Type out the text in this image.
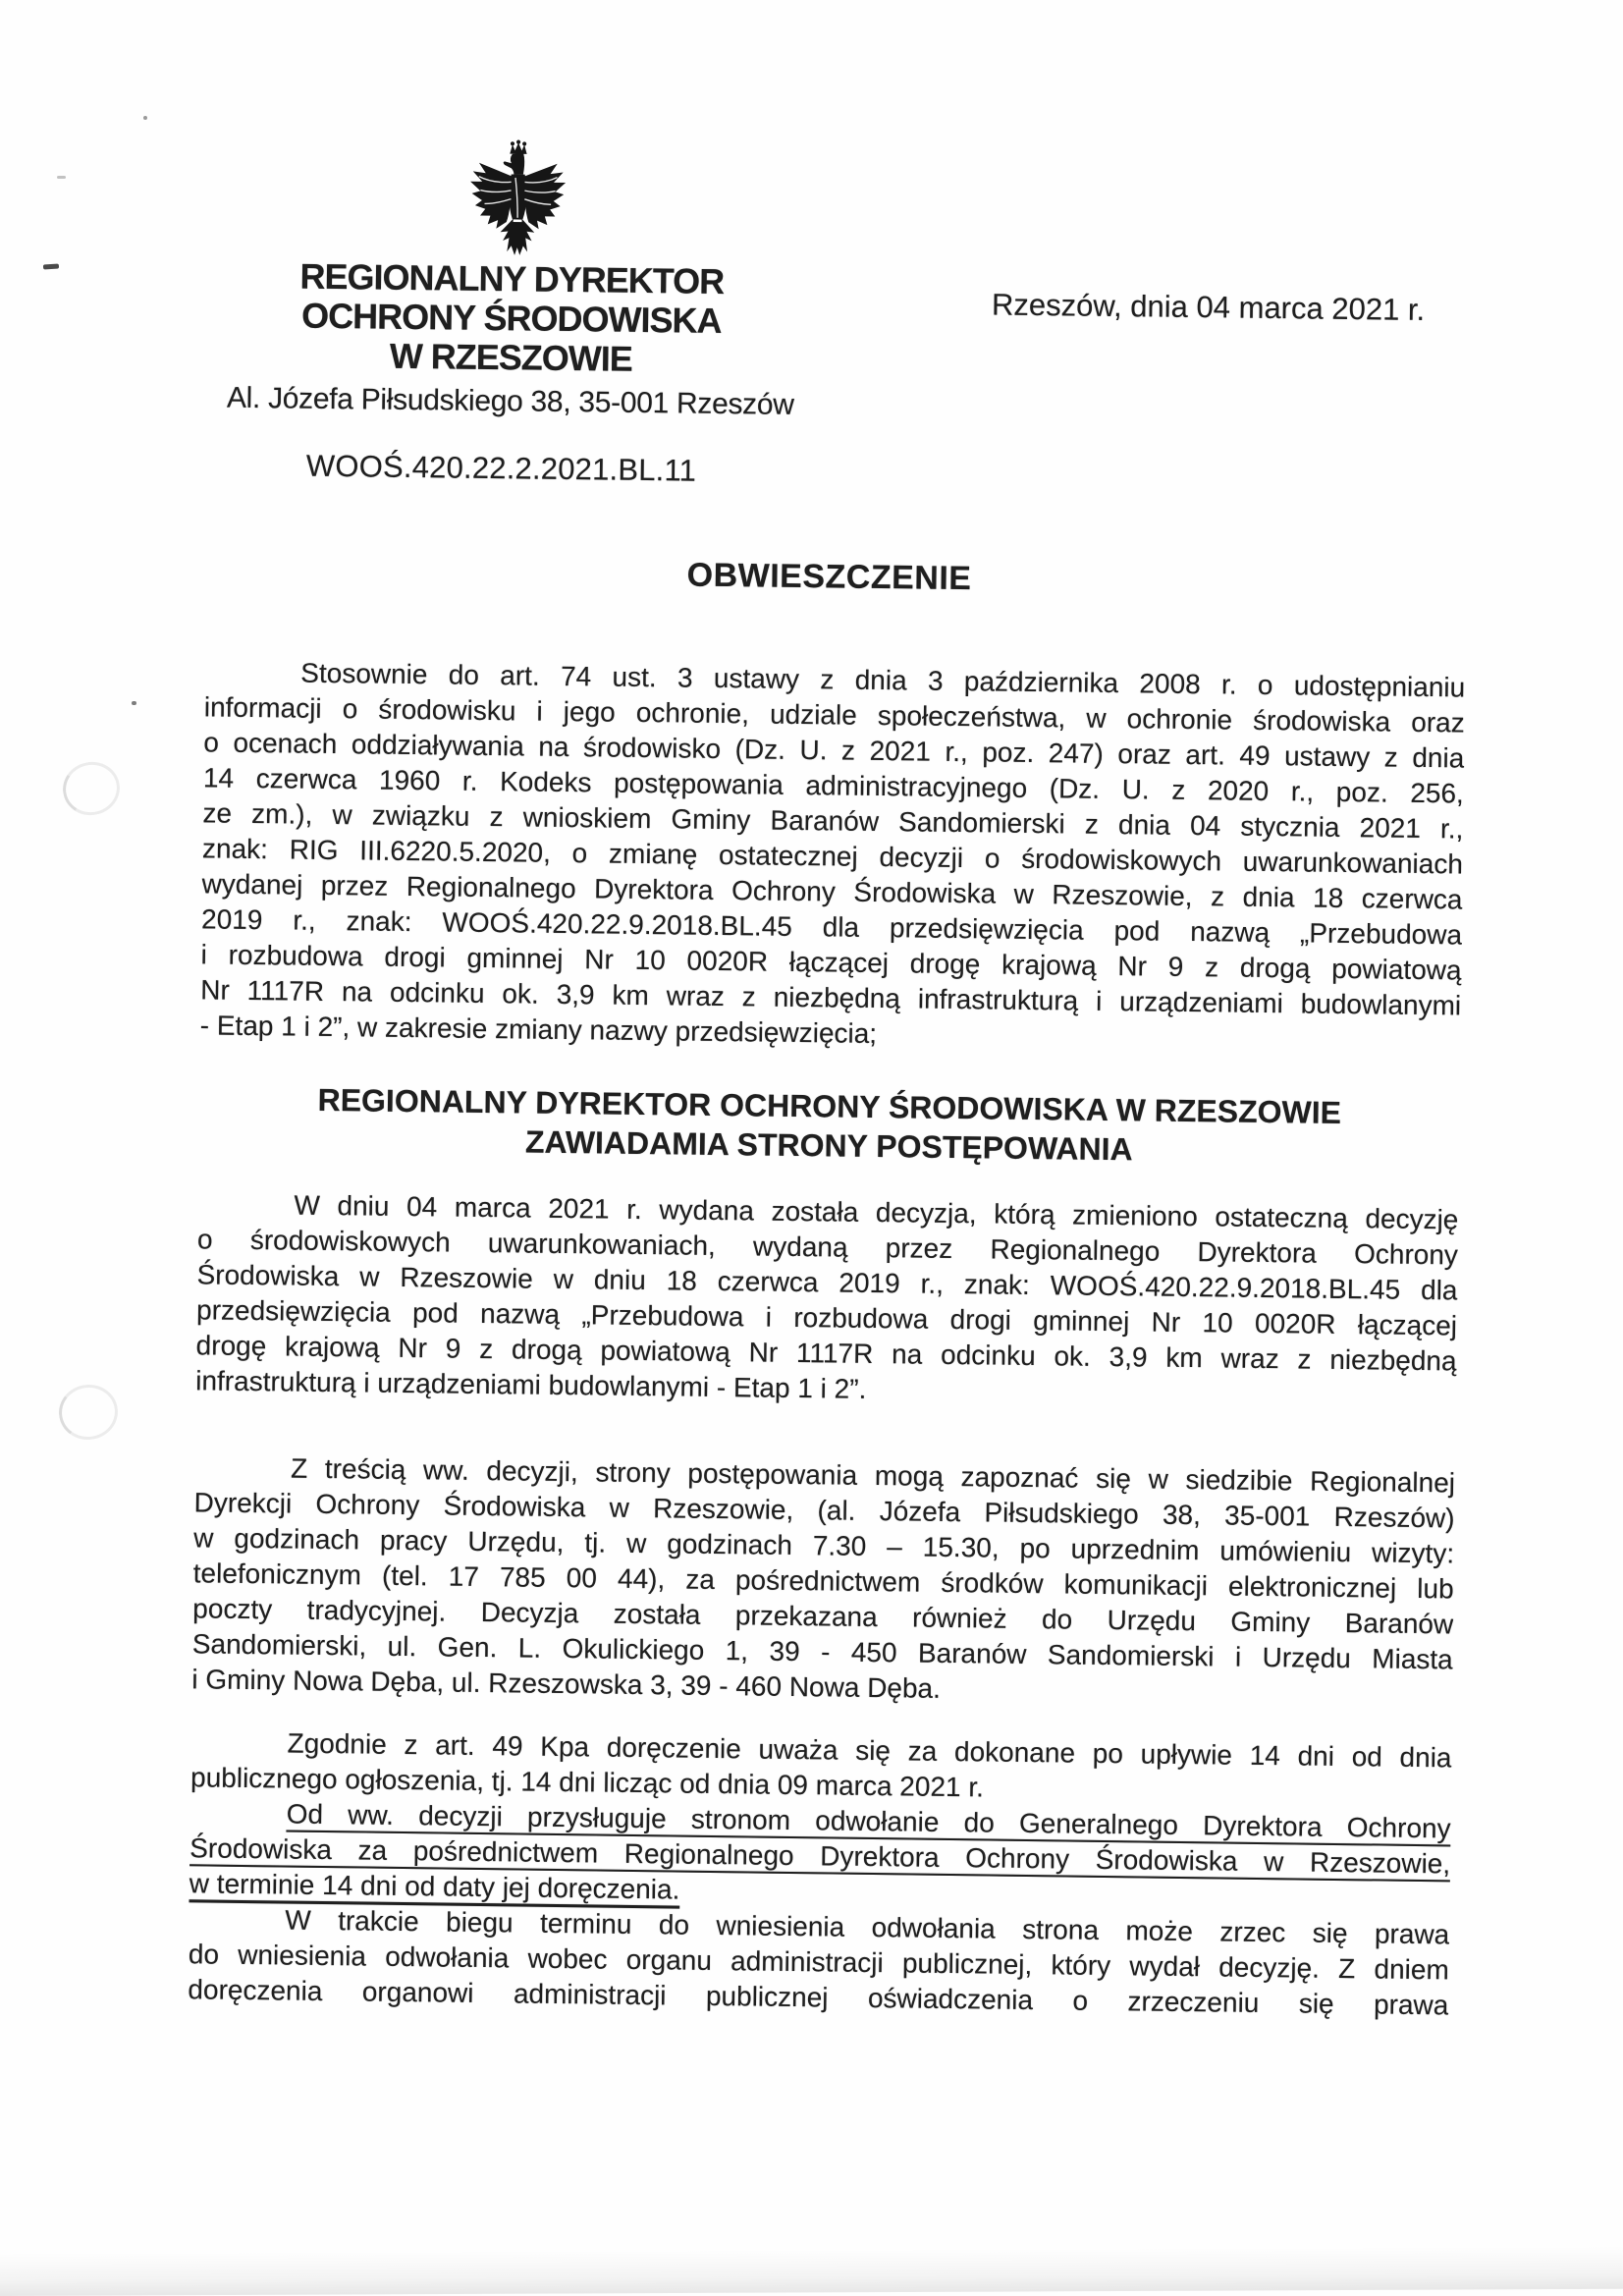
REGIONALNY DYREKTOR
OCHRONY ŚRODOWISKA
W RZESZOWIE
Al. Józefa Piłsudskiego 38, 35-001 Rzeszów
WOOŚ.420.22.2.2021.BL.11
Rzeszów, dnia 04 marca 2021 r.
OBWIESZCZENIE
Stosownie do art. 74 ust. 3 ustawy z dnia 3 października 2008 r. o udostępnianiu
informacji o środowisku i jego ochronie, udziale społeczeństwa, w ochronie środowiska oraz
o ocenach oddziaływania na środowisko (Dz. U. z 2021 r., poz. 247) oraz art. 49 ustawy z dnia
14 czerwca 1960 r. Kodeks postępowania administracyjnego (Dz. U. z 2020 r., poz. 256,
ze zm.), w związku z wnioskiem Gminy Baranów Sandomierski z dnia 04 stycznia 2021 r.,
znak: RIG III.6220.5.2020, o zmianę ostatecznej decyzji o środowiskowych uwarunkowaniach
wydanej przez Regionalnego Dyrektora Ochrony Środowiska w Rzeszowie, z dnia 18 czerwca
2019 r., znak: WOOŚ.420.22.9.2018.BL.45 dla przedsięwzięcia pod nazwą „Przebudowa
i rozbudowa drogi gminnej Nr 10 0020R łączącej drogę krajową Nr 9 z drogą powiatową
Nr 1117R na odcinku ok. 3,9 km wraz z niezbędną infrastrukturą i urządzeniami budowlanymi
- Etap 1 i 2”, w zakresie zmiany nazwy przedsięwzięcia;
REGIONALNY DYREKTOR OCHRONY ŚRODOWISKA W RZESZOWIE
ZAWIADAMIA STRONY POSTĘPOWANIA
W dniu 04 marca 2021 r. wydana została decyzja, którą zmieniono ostateczną decyzję
o środowiskowych uwarunkowaniach, wydaną przez Regionalnego Dyrektora Ochrony
Środowiska w Rzeszowie w dniu 18 czerwca 2019 r., znak: WOOŚ.420.22.9.2018.BL.45 dla
przedsięwzięcia pod nazwą „Przebudowa i rozbudowa drogi gminnej Nr 10 0020R łączącej
drogę krajową Nr 9 z drogą powiatową Nr 1117R na odcinku ok. 3,9 km wraz z niezbędną
infrastrukturą i urządzeniami budowlanymi - Etap 1 i 2”.
Z treścią ww. decyzji, strony postępowania mogą zapoznać się w siedzibie Regionalnej
Dyrekcji Ochrony Środowiska w Rzeszowie, (al. Józefa Piłsudskiego 38, 35-001 Rzeszów)
w godzinach pracy Urzędu, tj. w godzinach 7.30 – 15.30, po uprzednim umówieniu wizyty:
telefonicznym (tel. 17 785 00 44), za pośrednictwem środków komunikacji elektronicznej lub
poczty tradycyjnej. Decyzja została przekazana również do Urzędu Gminy Baranów
Sandomierski, ul. Gen. L. Okulickiego 1, 39 - 450 Baranów Sandomierski i Urzędu Miasta
i Gminy Nowa Dęba, ul. Rzeszowska 3, 39 - 460 Nowa Dęba.
Zgodnie z art. 49 Kpa doręczenie uważa się za dokonane po upływie 14 dni od dnia
publicznego ogłoszenia, tj. 14 dni licząc od dnia 09 marca 2021 r.
Od ww. decyzji przysługuje stronom odwołanie do Generalnego Dyrektora Ochrony
Środowiska za pośrednictwem Regionalnego Dyrektora Ochrony Środowiska w Rzeszowie,
w terminie 14 dni od daty jej doręczenia.
W trakcie biegu terminu do wniesienia odwołania strona może zrzec się prawa
do wniesienia odwołania wobec organu administracji publicznej, który wydał decyzję. Z dniem
doręczenia organowi administracji publicznej oświadczenia o zrzeczeniu się prawa
